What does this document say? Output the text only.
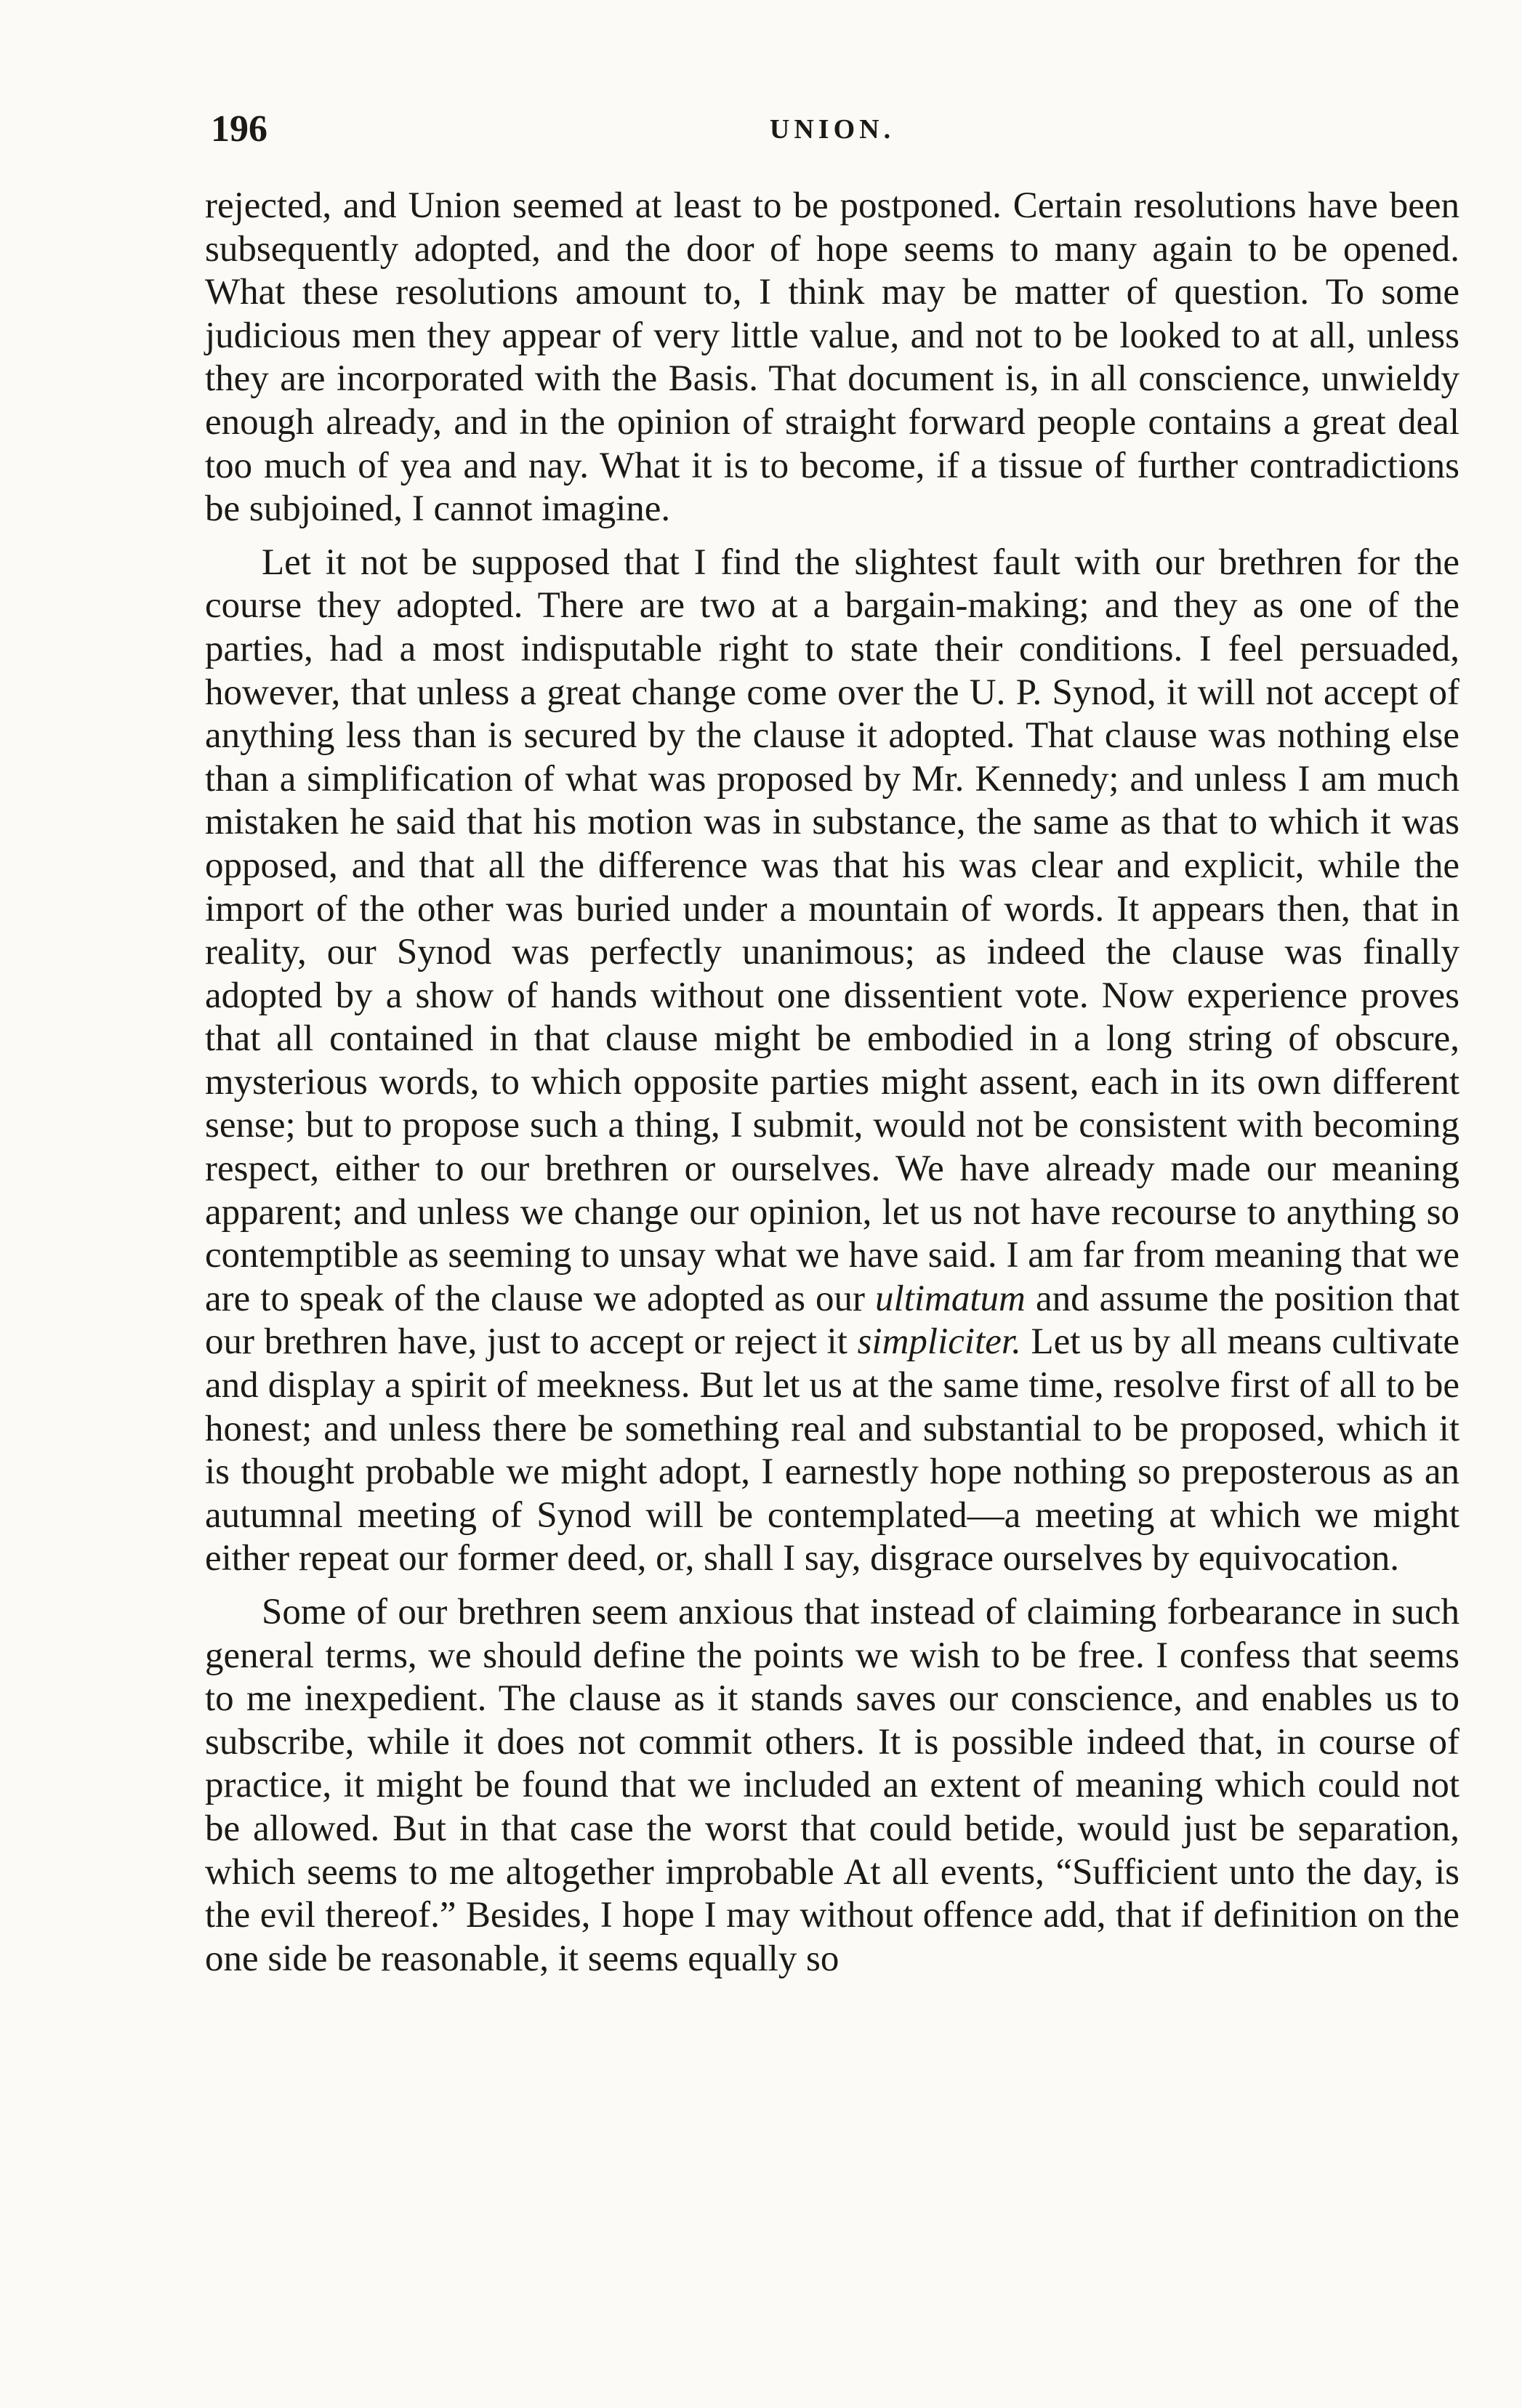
196	UNION.

rejected, and Union seemed at least to be postponed. Certain resolutions have been subsequently adopted, and the door of hope seems to many again to be opened. What these resolutions amount to, I think may be matter of question. To some judicious men they appear of very little value, and not to be looked to at all, unless they are incorporated with the Basis. That document is, in all conscience, unwieldy enough already, and in the opinion of straight forward people contains a great deal too much of yea and nay. What it is to become, if a tissue of further contradictions be subjoined, I cannot imagine.

Let it not be supposed that I find the slightest fault with our brethren for the course they adopted. There are two at a bargain-making; and they as one of the parties, had a most indisputable right to state their conditions. I feel persuaded, however, that unless a great change come over the U. P. Synod, it will not accept of anything less than is secured by the clause it adopted. That clause was nothing else than a simplification of what was proposed by Mr. Kennedy; and unless I am much mistaken he said that his motion was in substance, the same as that to which it was opposed, and that all the difference was that his was clear and explicit, while the import of the other was buried under a mountain of words. It appears then, that in reality, our Synod was perfectly unanimous; as indeed the clause was finally adopted by a show of hands without one dissentient vote. Now experience proves that all contained in that clause might be embodied in a long string of obscure, mysterious words, to which opposite parties might assent, each in its own different sense; but to propose such a thing, I submit, would not be consistent with becoming respect, either to our brethren or ourselves. We have already made our meaning apparent; and unless we change our opinion, let us not have recourse to anything so contemptible as seeming to unsay what we have said. I am far from meaning that we are to speak of the clause we adopted as our ultimatum and assume the position that our brethren have, just to accept or reject it simpliciter. Let us by all means cultivate and display a spirit of meekness. But let us at the same time, resolve first of all to be honest; and unless there be something real and substantial to be proposed, which it is thought probable we might adopt, I earnestly hope nothing so preposterous as an autumnal meeting of Synod will be contemplated—a meeting at which we might either repeat our former deed, or, shall I say, disgrace ourselves by equivocation.

Some of our brethren seem anxious that instead of claiming forbearance in such general terms, we should define the points we wish to be free. I confess that seems to me inexpedient. The clause as it stands saves our conscience, and enables us to subscribe, while it does not commit others. It is possible indeed that, in course of practice, it might be found that we included an extent of meaning which could not be allowed. But in that case the worst that could betide, would just be separation, which seems to me altogether improbable At all events, “Sufficient unto the day, is the evil thereof.” Besides, I hope I may without offence add, that if definition on the one side be reasonable, it seems equally so
